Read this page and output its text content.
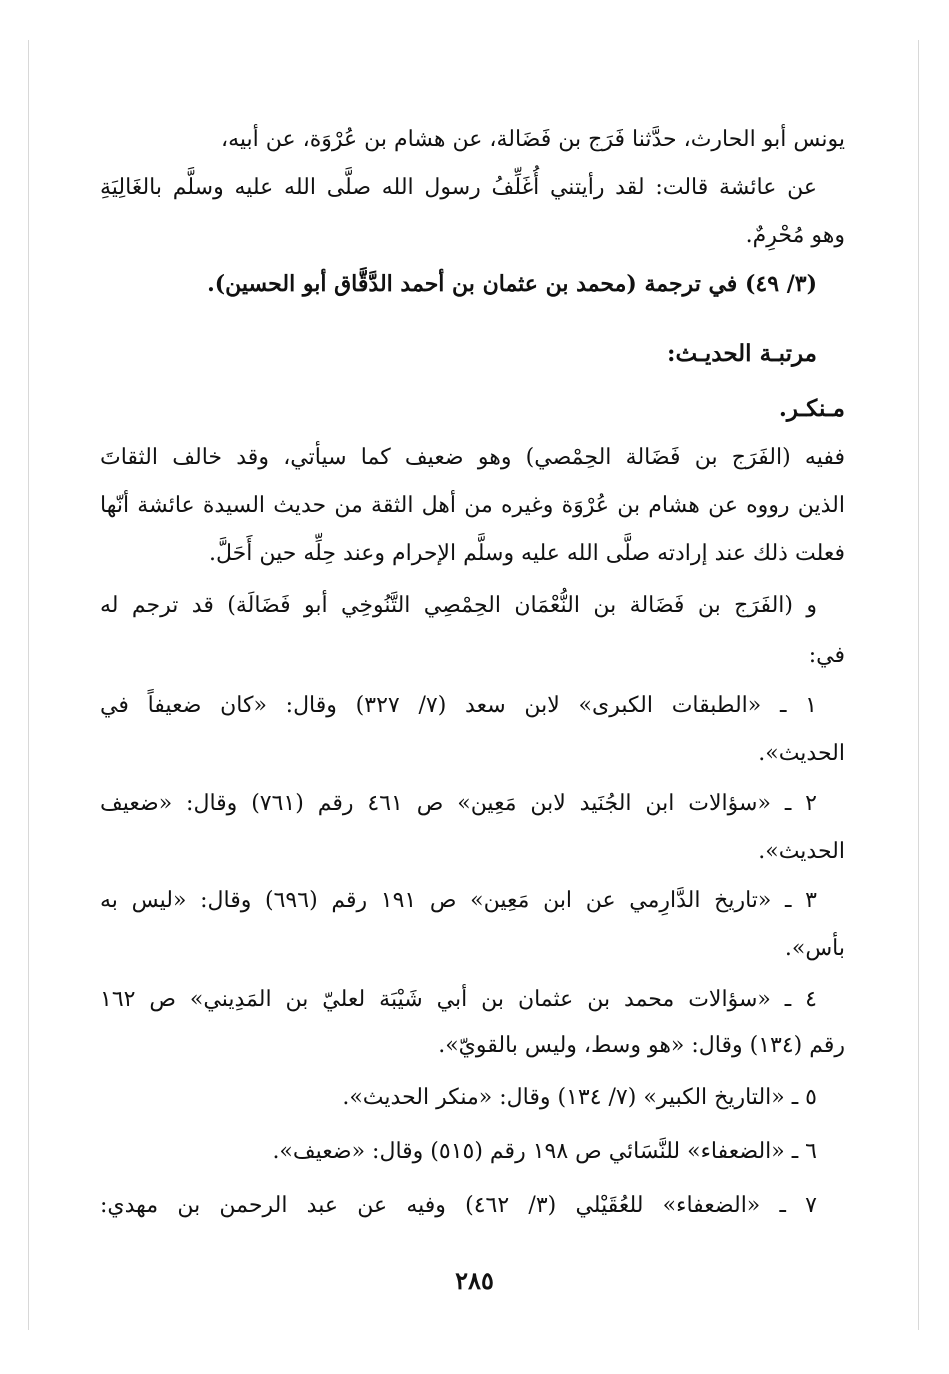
يونس أبو الحارث، حدَّثنا فَرَج بن فَضَالة، عن هشام بن عُرْوَة، عن أبيه،
عن عائشة قالت: لقد رأيتني أُغَلِّفُ رسول الله صلَّى الله عليه وسلَّم بالغَالِيَةِ
وهو مُحْرِمٌ.
(٣/ ٤٩) في ترجمة (محمد بن عثمان بن أحمد الدَّقَّاق أبو الحسين).
مرتبـة الحديـث:
مـنكـر.
ففيه (الفَرَج بن فَضَالة الحِمْصي) وهو ضعيف كما سيأتي، وقد خالف الثقاتَ
الذين رووه عن هشام بن عُرْوَة وغيره من أهل الثقة من حديث السيدة عائشة أنّها
فعلت ذلك عند إرادته صلَّى الله عليه وسلَّم الإحرام وعند حِلِّه حين أَحَلَّ.
و (الفَرَج بن فَضَالة بن النُّعْمَان الحِمْصِي التَّنُوخِي أبو فَضَالَة) قد ترجم له
في:
١ ـ «الطبقات الكبرى» لابن سعد (٧/ ٣٢٧) وقال: «كان ضعيفاً في
الحديث».
٢ ـ «سؤالات ابن الجُنَيد لابن مَعِين» ص ٤٦١ رقم (٧٦١) وقال: «ضعيف
الحديث».
٣ ـ «تاريخ الدَّارِمي عن ابن مَعِين» ص ١٩١ رقم (٦٩٦) وقال: «ليس به
بأس».
٤ ـ «سؤالات محمد بن عثمان بن أبي شَيْبَة لعليّ بن المَدِيني» ص ١٦٢
رقم (١٣٤) وقال: «هو وسط، وليس بالقويّ».
٥ ـ «التاريخ الكبير» (٧/ ١٣٤) وقال: «منكر الحديث».
٦ ـ «الضعفاء» للنَّسَائي ص ١٩٨ رقم (٥١٥) وقال: «ضعيف».
٧ ـ «الضعفاء» للعُقَيْلي (٣/ ٤٦٢) وفيه عن عبد الرحمن بن مهدي:
٢٨٥
